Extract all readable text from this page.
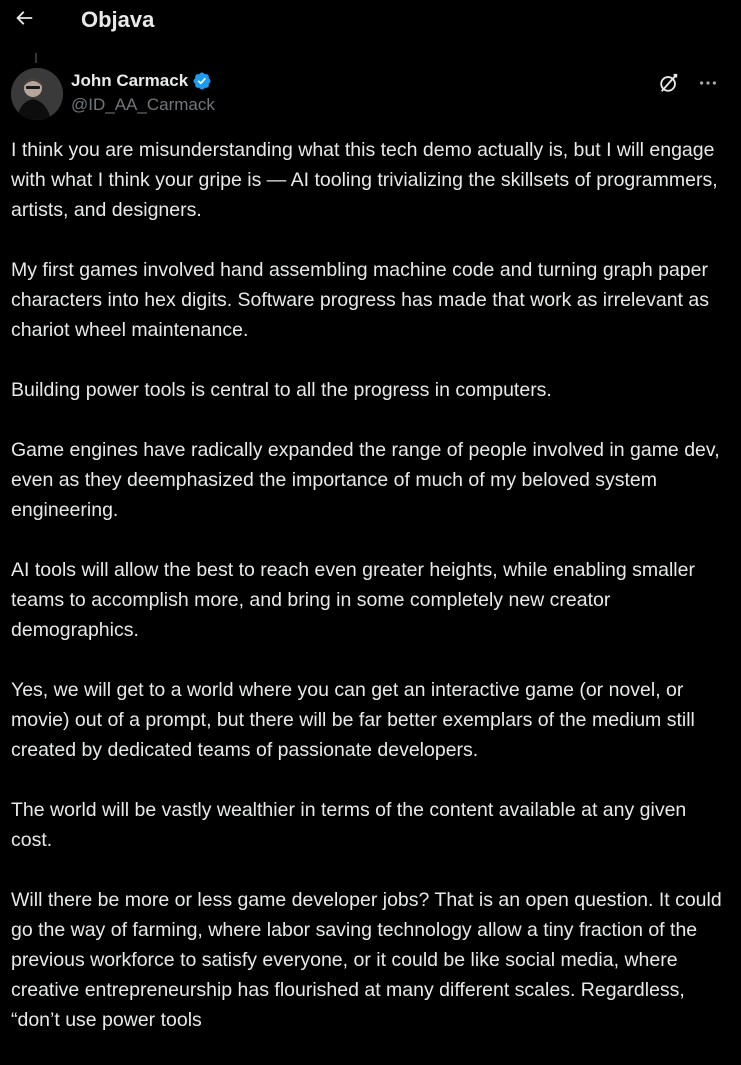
Objava
John Carmack
@ID_AA_Carmack

I think you are misunderstanding what this tech demo actually is, but I will engage with what I think your gripe is — AI tooling trivializing the skillsets of programmers, artists, and designers.

My first games involved hand assembling machine code and turning graph paper characters into hex digits. Software progress has made that work as irrelevant as chariot wheel maintenance.

Building power tools is central to all the progress in computers.

Game engines have radically expanded the range of people involved in game dev, even as they deemphasized the importance of much of my beloved system engineering.

AI tools will allow the best to reach even greater heights, while enabling smaller teams to accomplish more, and bring in some completely new creator demographics.

Yes, we will get to a world where you can get an interactive game (or novel, or movie) out of a prompt, but there will be far better exemplars of the medium still created by dedicated teams of passionate developers.

The world will be vastly wealthier in terms of the content available at any given cost.

Will there be more or less game developer jobs? That is an open question. It could go the way of farming, where labor saving technology allow a tiny fraction of the previous workforce to satisfy everyone, or it could be like social media, where creative entrepreneurship has flourished at many different scales. Regardless, “don’t use power tools
